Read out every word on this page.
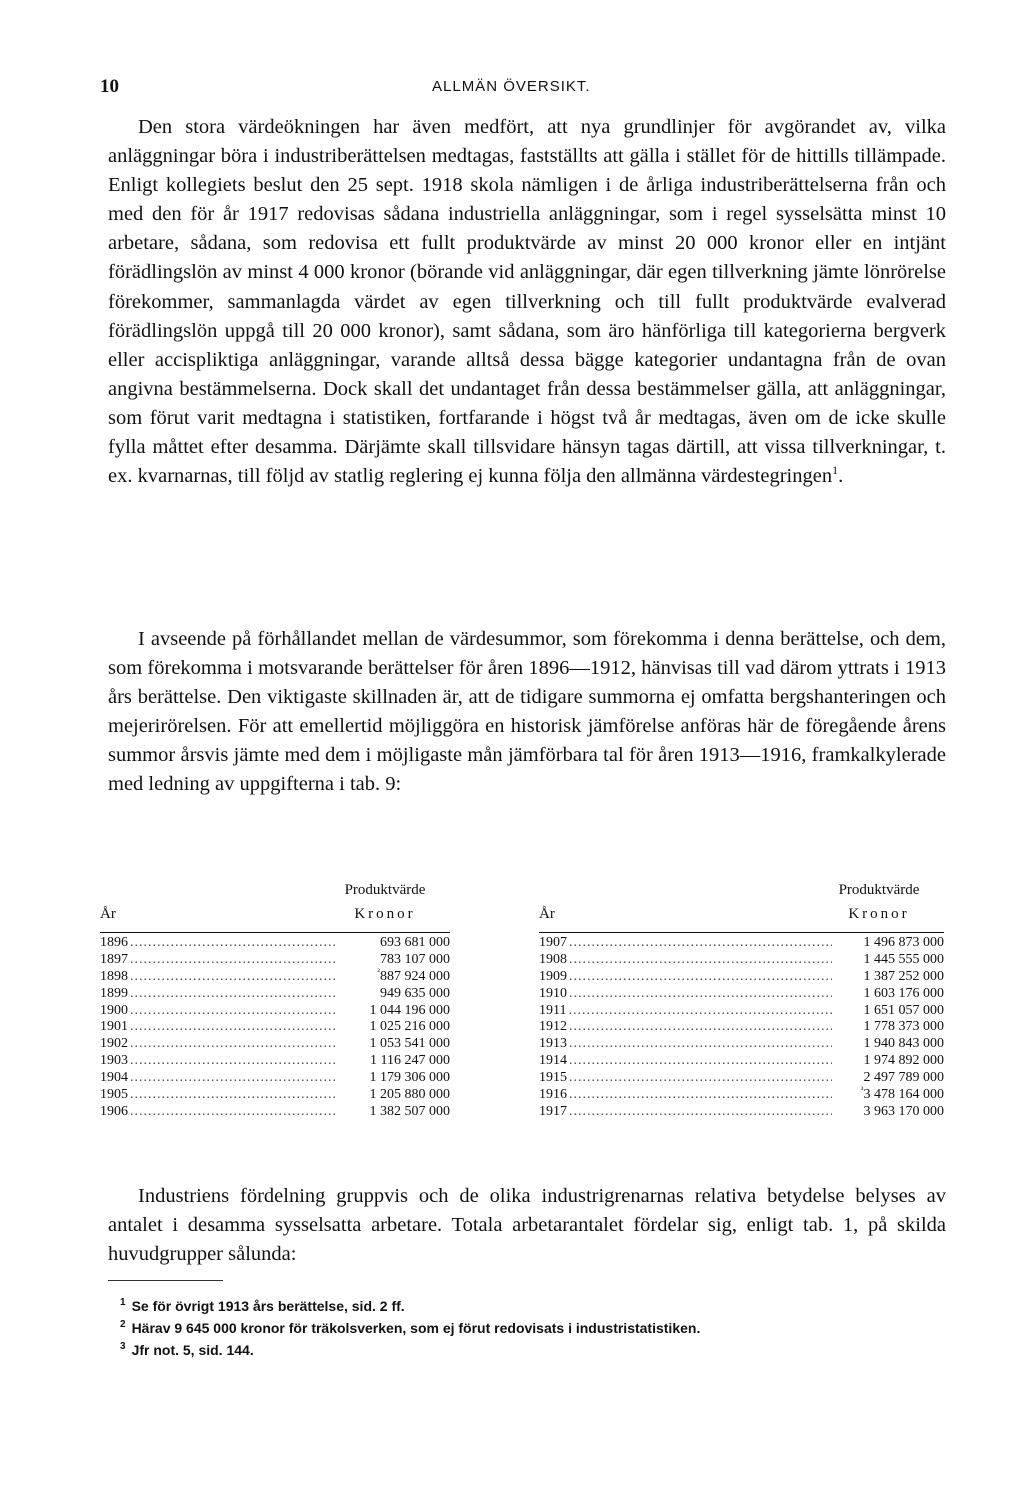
10	ALLMÄN ÖVERSIKT.

Den stora värdeökningen har även medfört, att nya grundlinjer för avgörandet av, vilka anläggningar böra i industriberättelsen medtagas, fastställts att gälla i stället för de hittills tillämpade. Enligt kollegiets beslut den 25 sept. 1918 skola nämligen i de årliga industriberättelserna från och med den för år 1917 redovisas sådana industriella anläggningar, som i regel sysselsätta minst 10 arbetare, sådana, som redovisa ett fullt produktvärde av minst 20 000 kronor eller en intjänt förädlingslön av minst 4 000 kronor (börande vid anläggningar, där egen tillverkning jämte lönrörelse förekommer, sammanlagda värdet av egen tillverkning och till fullt produktvärde evalverad förädlingslön uppgå till 20 000 kronor), samt sådana, som äro hänförliga till kategorierna bergverk eller accispliktiga anläggningar, varande alltså dessa bägge kategorier undantagna från de ovan angivna bestämmelserna. Dock skall det undantaget från dessa bestämmelser gälla, att anläggningar, som förut varit medtagna i statistiken, fortfarande i högst två år medtagas, även om de icke skulle fylla måttet efter desamma. Därjämte skall tillsvidare hänsyn tagas därtill, att vissa tillverkningar, t. ex. kvarnarnas, till följd av statlig reglering ej kunna följa den allmänna värdestegringen$^1$.

I avseende på förhållandet mellan de värdesummor, som förekomma i denna berättelse, och dem, som förekomma i motsvarande berättelser för åren 1896—1912, hänvisas till vad därom yttrats i 1913 års berättelse. Den viktigaste skillnaden är, att de tidigare summorna ej omfatta bergshanteringen och mejerirörelsen. För att emellertid möjliggöra en historisk jämförelse anföras här de föregående årens summor årsvis jämte med dem i möjligaste mån jämförbara tal för åren 1913—1916, framkalkylerade med ledning av uppgifterna i tab. 9:

År
Produktvärde
Kronor
1896 .....	693 681 000
1897 .....	783 107 000
1898 .....	$^{^2}$887 924 000
1899 .....	949 635 000
1900 .....	1 044 196 000
1901 .....	1 025 216 000
1902 .....	1 053 541 000
1903 .....	1 116 247 000
1904 .....	1 179 306 000
1905 .....	1 205 880 000
1906 .....	1 382 507 000
År
Produktvärde
Kronor
1907 .....	1 496 873 000
1908 .....	1 445 555 000
1909 .....	1 387 252 000
1910 .....	1 603 176 000
1911 .....	1 651 057 000
1912 .....	1 778 373 000
1913 .....	1 940 843 000
1914 .....	1 974 892 000
1915 .....	2 497 789 000
1916 .....	$^{^3}$3 478 164 000
1917 .....	3 963 170 000

Industriens fördelning gruppvis och de olika industrigrenarnas relativa betydelse belyses av antalet i desamma sysselsatta arbetare. Totala arbetarantalet fördelar sig, enligt tab. 1, på skilda huvudgrupper sålunda:

$^1$ Se för övrigt 1913 års berättelse, sid. 2 ff.
$^2$ Härav 9 645 000 kronor för träkolsverken, som ej förut redovisats i industristatistiken.
$^3$ Jfr not. 5, sid. 144.
